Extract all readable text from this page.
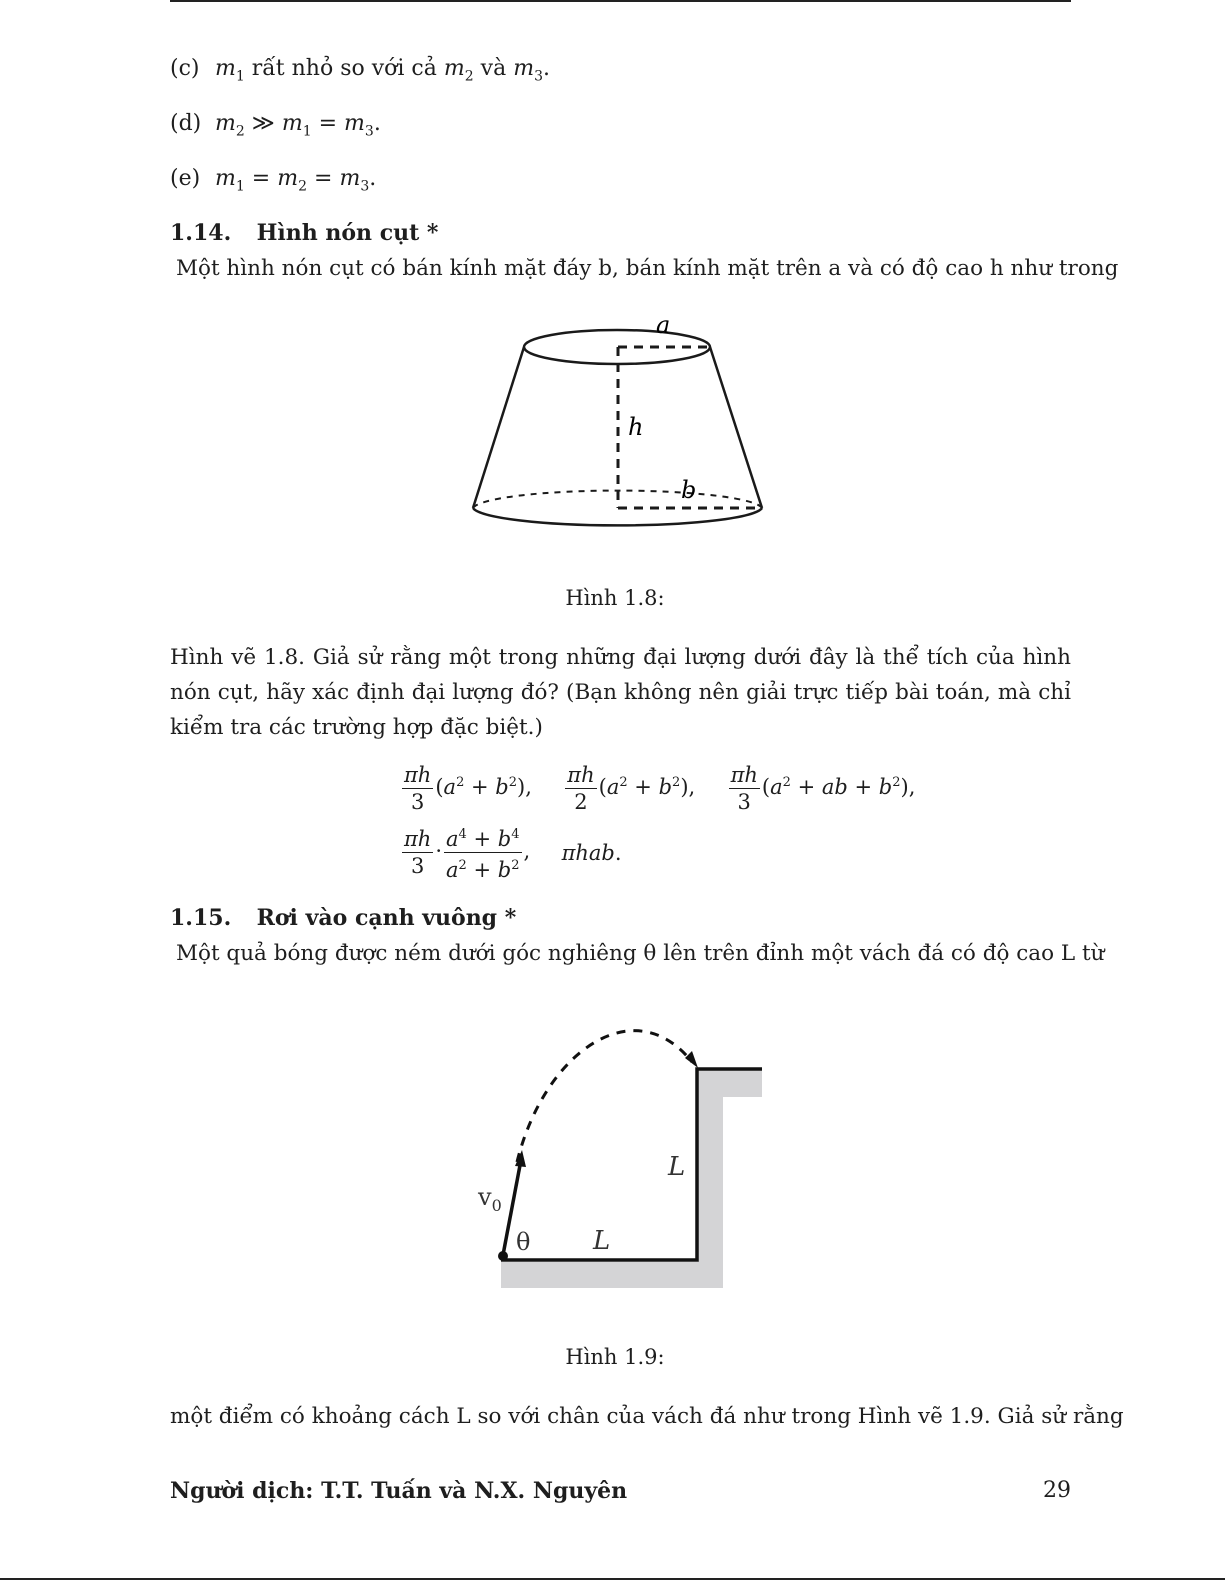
(c) $m_1$ rất nhỏ so với cả $m_2$ và $m_3$.
(d) $m_2$ ≫ $m_1 = m_3$.
(e) $m_1 = m_2 = m_3$.
1.14. Hình nón cụt *
Một hình nón cụt có bán kính mặt đáy b, bán kính mặt trên a và có độ cao h như trong
a
h
b
Hình 1.8:
Hình vẽ 1.8. Giả sử rằng một trong những đại lượng dưới đây là thể tích của hình nón cụt, hãy xác định đại lượng đó? (Bạn không nên giải trực tiếp bài toán, mà chỉ kiểm tra các trường hợp đặc biệt.)
$\frac{\pi h}{3} (a^2 + b^2)$, $\frac{\pi h}{2} (a^2 + b^2)$, $\frac{\pi h}{3} (a^2$ + ab + $b^2$),
$\frac{\pi h}{3} \cdot \frac{a^4 + b^4}{a^2 + b^2}$ ,  πhab.
1.15. Rơi vào cạnh vuông *
Một quả bóng được ném dưới góc nghiêng θ lên trên đỉnh một vách đá có độ cao L từ
$v_0$
θ L
L
Hình 1.9:
một điểm có khoảng cách L so với chân của vách đá như trong Hình vẽ 1.9. Giả sử rằng
Người dịch: T.T. Tuấn và N.X. Nguyên	29
